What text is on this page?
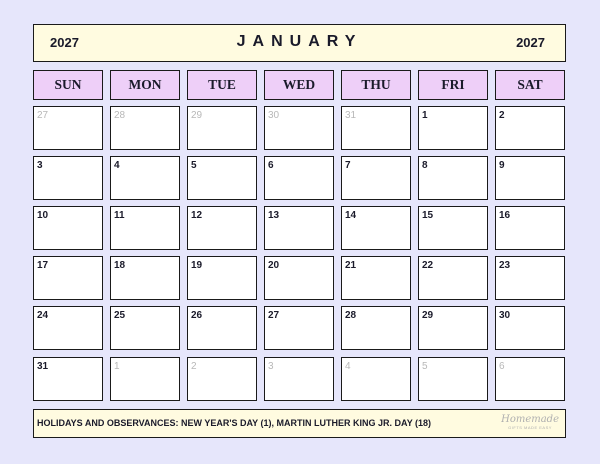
2027	JANUARY	2027
SUN	MON	TUE	WED	THU	FRI	SAT
27	28	29	30	31	1	2
3	4	5	6	7	8	9
10	11	12	13	14	15	16
17	18	19	20	21	22	23
24	25	26	27	28	29	30
31	1	2	3	4	5	6
HOLIDAYS AND OBSERVANCES: NEW YEAR'S DAY (1), MARTIN LUTHER KING JR. DAY (18)	Homemade
GIFTS MADE EASY
